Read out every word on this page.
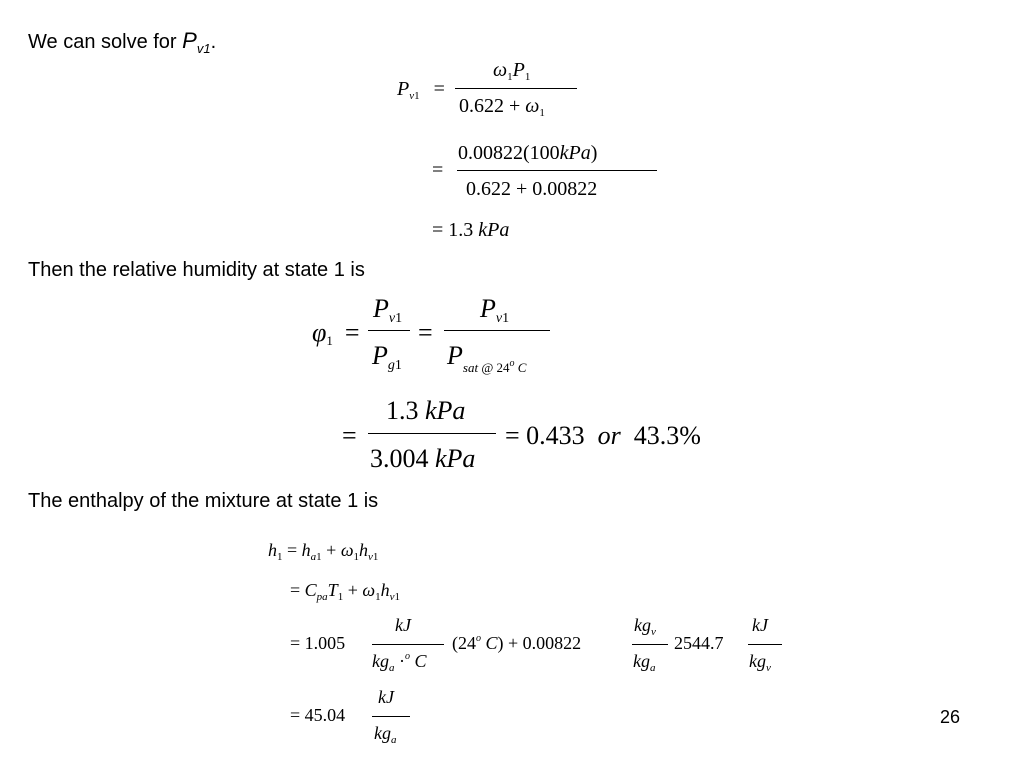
We can solve for $P_{v1}$.
$P_{v1}$ =
$\omega_1P_1$
$0.622 + \omega_1$
=
0.00822(100kPa)
0.622 + 0.00822
= 1.3 kPa
Then the relative humidity at state 1 is
φ1 =
Pv1
Pg1
=
Pv1
$P_{sat @ 24^o C}$
=
1.3 kPa
3.004 kPa
= 0.433  or  43.3%
The enthalpy of the mixture at state 1 is
$h_1 = h_{a1} + \omega_1h_{v1}$
= $C_{pa}T_1 + \omega_1h_{v1}$
= 1.005
kJ
$kg_a \cdot^o$ C
(24$^o$ C) + 0.00822
$kg_v$
$kg_a$
2544.7
kJ
$kg_v$
= 45.04
kJ
$kg_a$
26
